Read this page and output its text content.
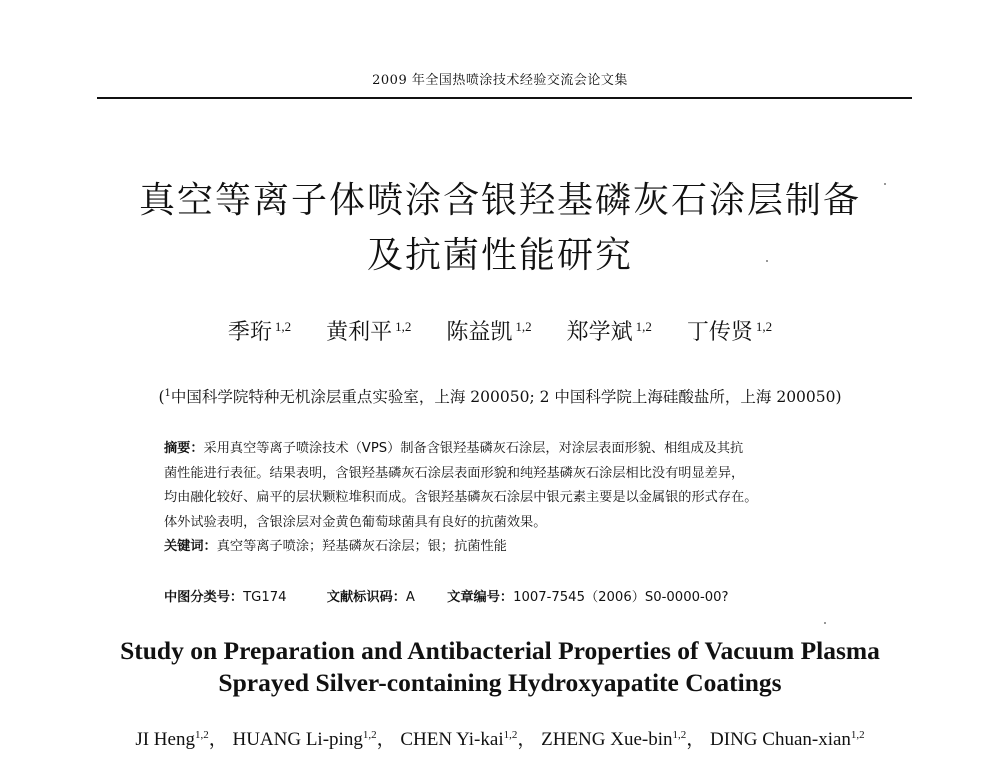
2009 年全国热喷涂技术经验交流会论文集
真空等离子体喷涂含银羟基磷灰石涂层制备
及抗菌性能研究
季珩 $^{1,2}$ 黄利平 $^{1,2}$ 陈益凯 $^{1,2}$ 郑学斌 $^{1,2}$ 丁传贤 $^{1,2}$
($^1$中国科学院特种无机涂层重点实验室，上海 200050; 2 中国科学院上海硅酸盐所，上海 200050)
摘要：采用真空等离子喷涂技术（VPS）制备含银羟基磷灰石涂层，对涂层表面形貌、相组成及其抗
菌性能进行表征。结果表明，含银羟基磷灰石涂层表面形貌和纯羟基磷灰石涂层相比没有明显差异，
均由融化较好、扁平的层状颗粒堆积而成。含银羟基磷灰石涂层中银元素主要是以金属银的形式存在。
体外试验表明，含银涂层对金黄色葡萄球菌具有良好的抗菌效果。
关键词：真空等离子喷涂；羟基磷灰石涂层；银；抗菌性能
中图分类号：TG174	文献标识码：A 文章编号：1007-7545（2006）S0-0000-00?
Study on Preparation and Antibacterial Properties of Vacuum Plasma
Sprayed Silver-containing Hydroxyapatite Coatings
JI Heng$^{1,2}$， HUANG Li-ping$^{1,2}$， CHEN Yi-kai$^{1,2}$， ZHENG Xue-bin$^{1,2}$， DING Chuan-xian$^{1,2}$
